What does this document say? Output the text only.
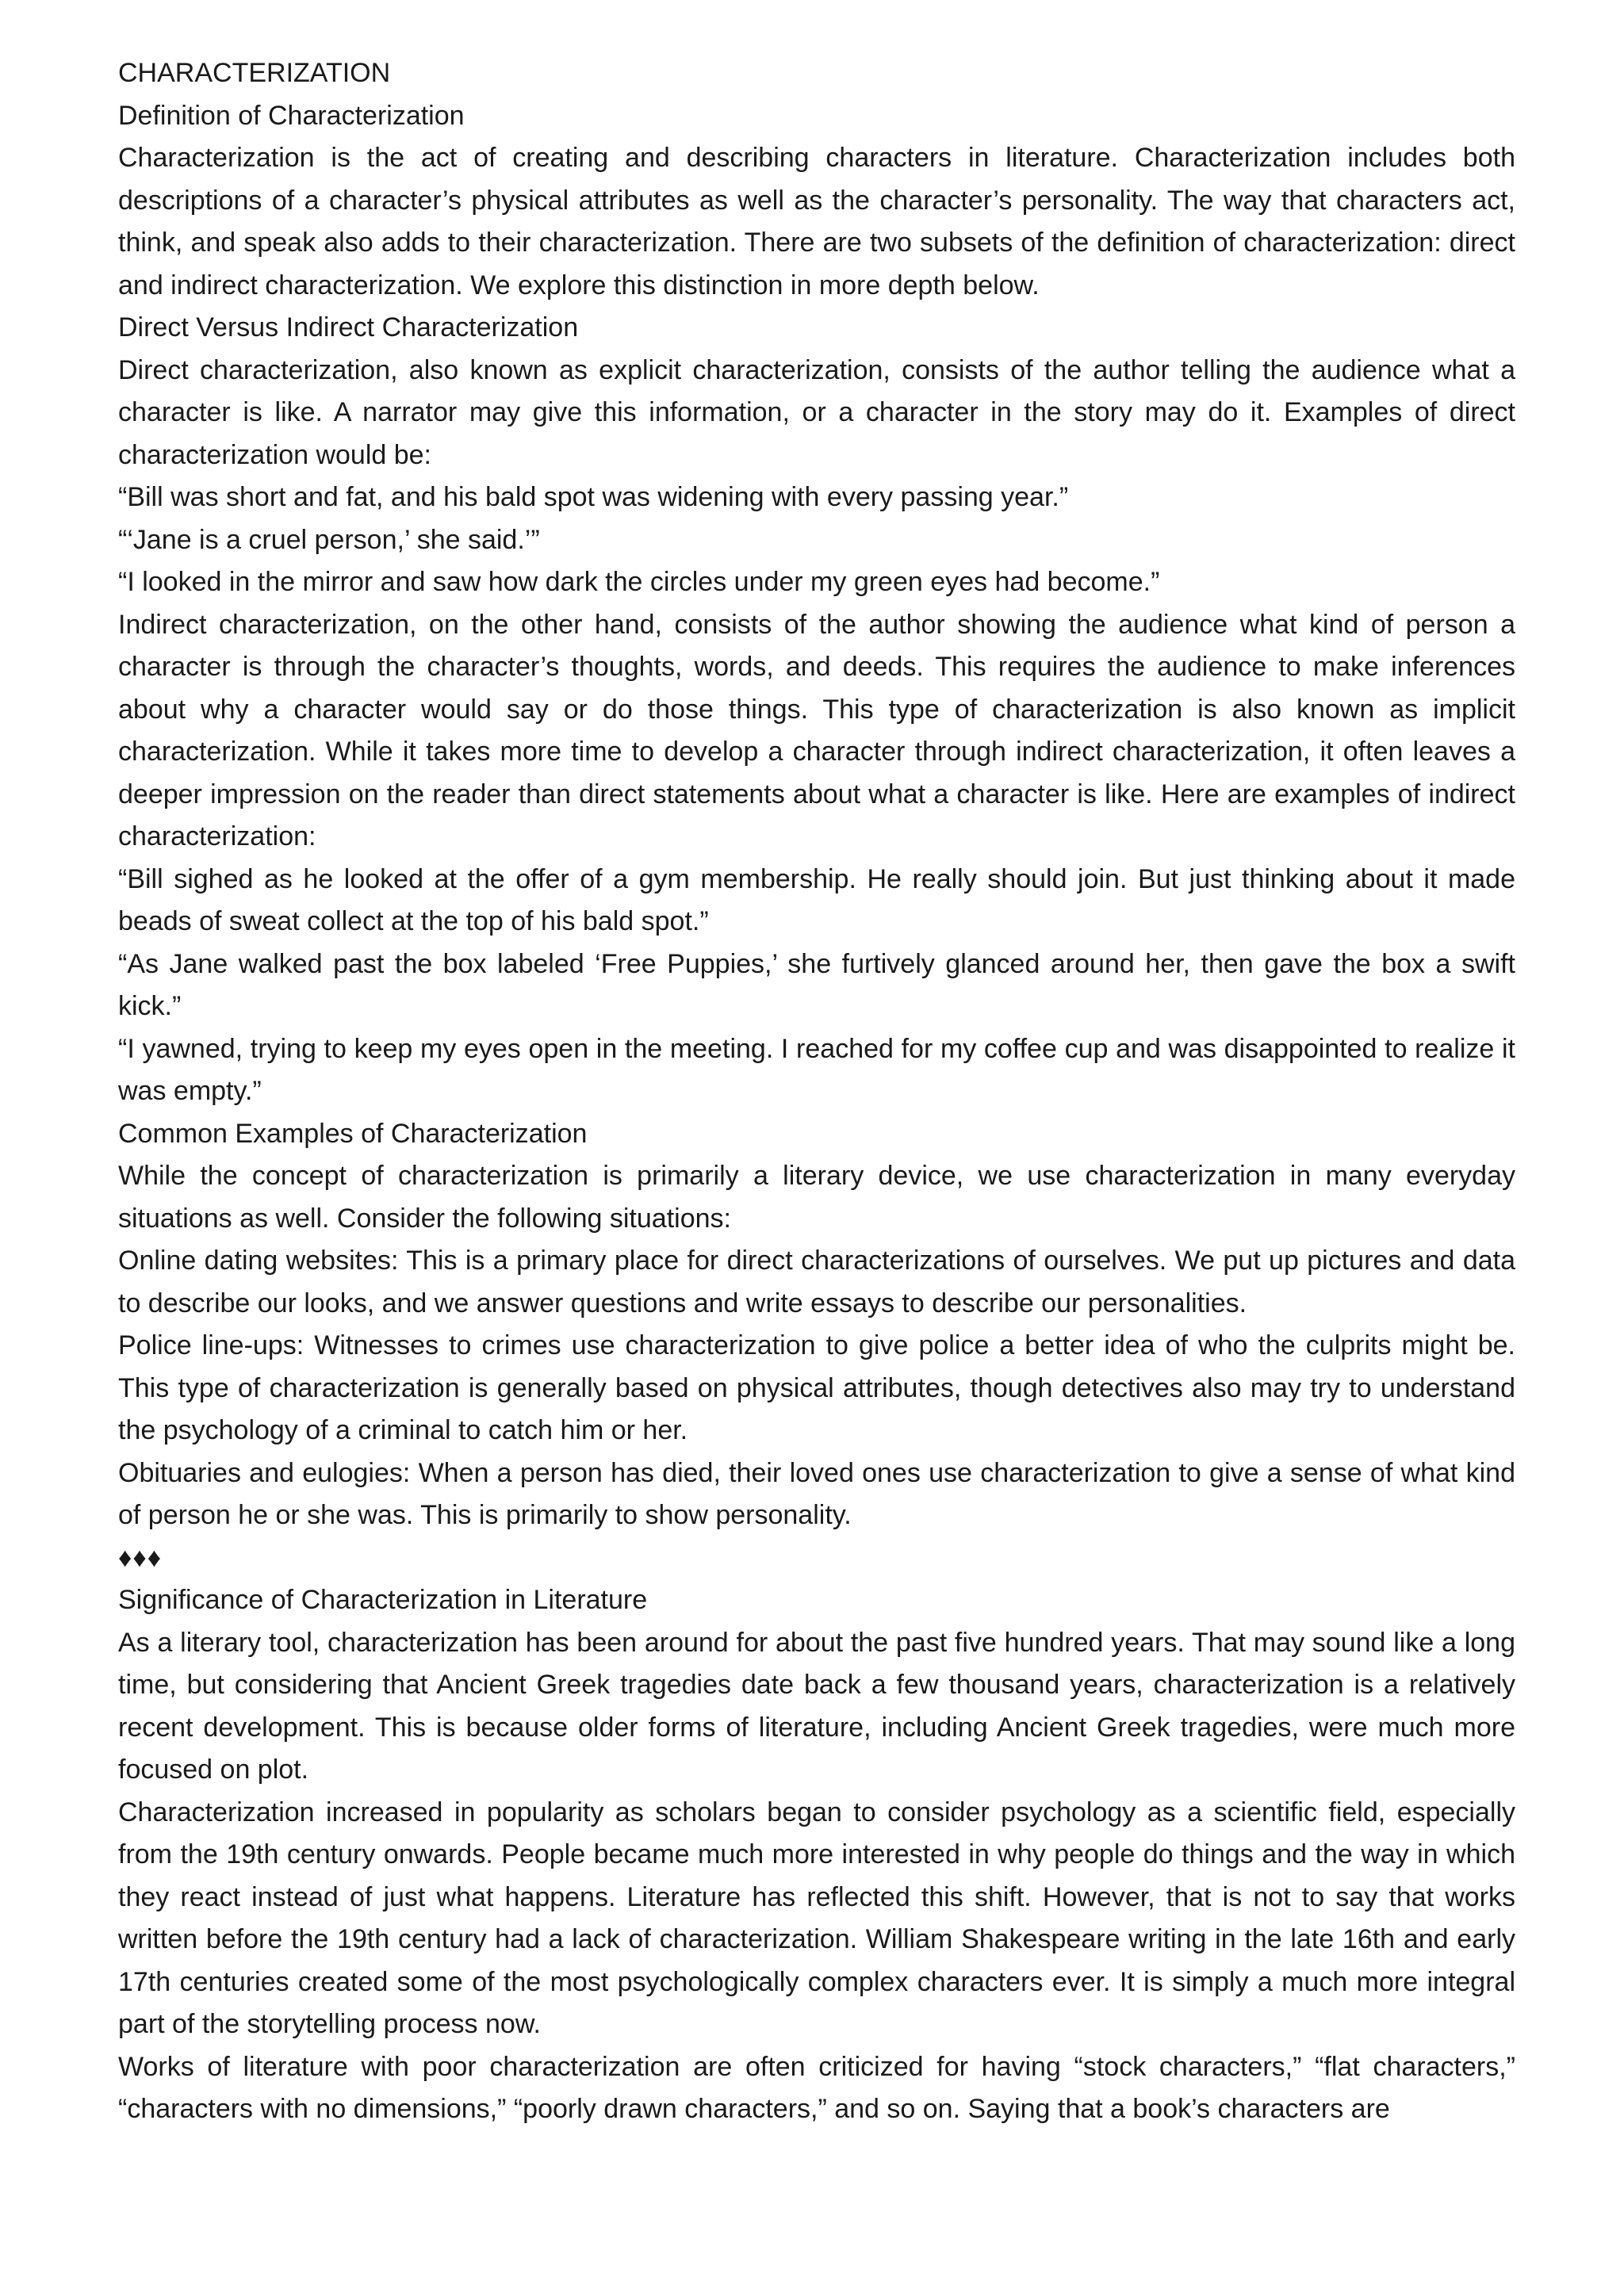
CHARACTERIZATION

Definition of Characterization

Characterization is the act of creating and describing characters in literature. Characterization includes both descriptions of a character’s physical attributes as well as the character’s personality. The way that characters act, think, and speak also adds to their characterization. There are two subsets of the definition of characterization: direct and indirect characterization. We explore this distinction in more depth below.

Direct Versus Indirect Characterization

Direct characterization, also known as explicit characterization, consists of the author telling the audience what a character is like. A narrator may give this information, or a character in the story may do it. Examples of direct characterization would be:

“Bill was short and fat, and his bald spot was widening with every passing year.”

“‘Jane is a cruel person,’ she said.’”

“I looked in the mirror and saw how dark the circles under my green eyes had become.”

Indirect characterization, on the other hand, consists of the author showing the audience what kind of person a character is through the character’s thoughts, words, and deeds. This requires the audience to make inferences about why a character would say or do those things. This type of characterization is also known as implicit characterization. While it takes more time to develop a character through indirect characterization, it often leaves a deeper impression on the reader than direct statements about what a character is like. Here are examples of indirect characterization:

“Bill sighed as he looked at the offer of a gym membership. He really should join. But just thinking about it made beads of sweat collect at the top of his bald spot.”

“As Jane walked past the box labeled ‘Free Puppies,’ she furtively glanced around her, then gave the box a swift kick.”

“I yawned, trying to keep my eyes open in the meeting. I reached for my coffee cup and was disappointed to realize it was empty.”

Common Examples of Characterization

While the concept of characterization is primarily a literary device, we use characterization in many everyday situations as well. Consider the following situations:

Online dating websites: This is a primary place for direct characterizations of ourselves. We put up pictures and data to describe our looks, and we answer questions and write essays to describe our personalities.

Police line-ups: Witnesses to crimes use characterization to give police a better idea of who the culprits might be. This type of characterization is generally based on physical attributes, though detectives also may try to understand the psychology of a criminal to catch him or her.

Obituaries and eulogies: When a person has died, their loved ones use characterization to give a sense of what kind of person he or she was. This is primarily to show personality.

♦♦♦

Significance of Characterization in Literature

As a literary tool, characterization has been around for about the past five hundred years. That may sound like a long time, but considering that Ancient Greek tragedies date back a few thousand years, characterization is a relatively recent development. This is because older forms of literature, including Ancient Greek tragedies, were much more focused on plot.

Characterization increased in popularity as scholars began to consider psychology as a scientific field, especially from the 19th century onwards. People became much more interested in why people do things and the way in which they react instead of just what happens. Literature has reflected this shift. However, that is not to say that works written before the 19th century had a lack of characterization. William Shakespeare writing in the late 16th and early 17th centuries created some of the most psychologically complex characters ever. It is simply a much more integral part of the storytelling process now.

Works of literature with poor characterization are often criticized for having “stock characters,” “flat characters,” “characters with no dimensions,” “poorly drawn characters,” and so on. Saying that a book’s characters are
